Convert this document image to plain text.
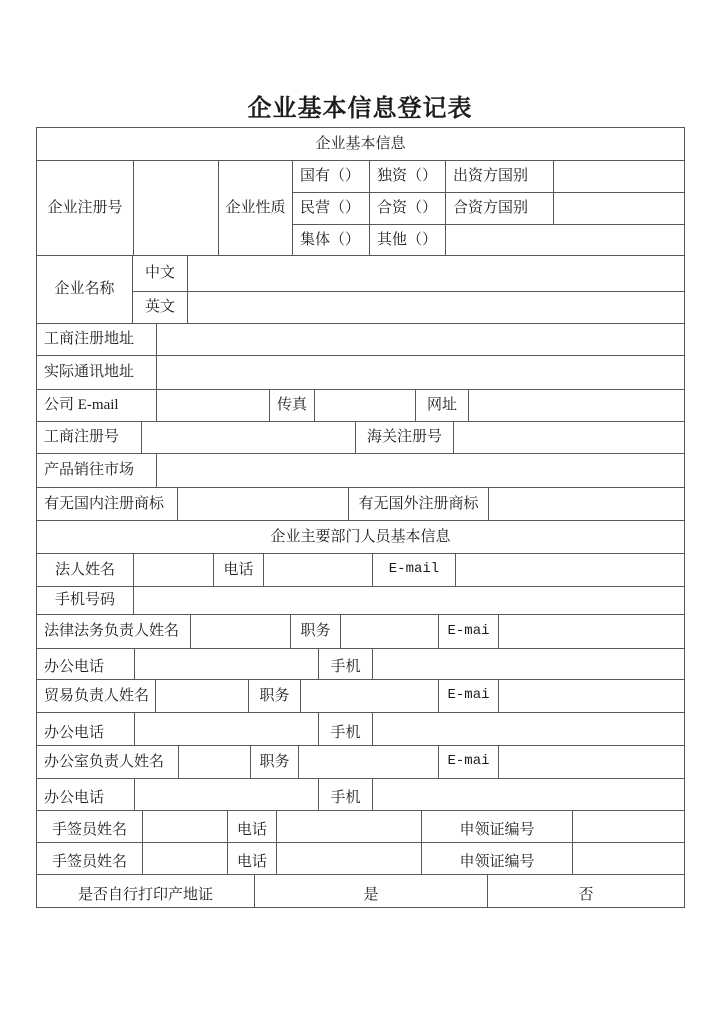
企业基本信息登记表
企业基本信息
企业注册号	企业性质
国有（）	独资（）	出资方国别
民营（）	合资（）	合资方国别
集体（）	其他（）
企业名称
中文
英文
工商注册地址
实际通讯地址
公司 E-mail	传真	网址
工商注册号	海关注册号
产品销往市场
有无国内注册商标	有无国外注册商标
企业主要部门人员基本信息
法人姓名	电话	E-mail
手机号码
法律法务负责人姓名	职务	E-mai
办公电话	手机
贸易负责人姓名	职务	E-mai
办公电话	手机
办公室负责人姓名	职务	E-mai
办公电话	手机
手签员姓名	电话	申领证编号
手签员姓名	电话	申领证编号
是否自行打印产地证	是	否
